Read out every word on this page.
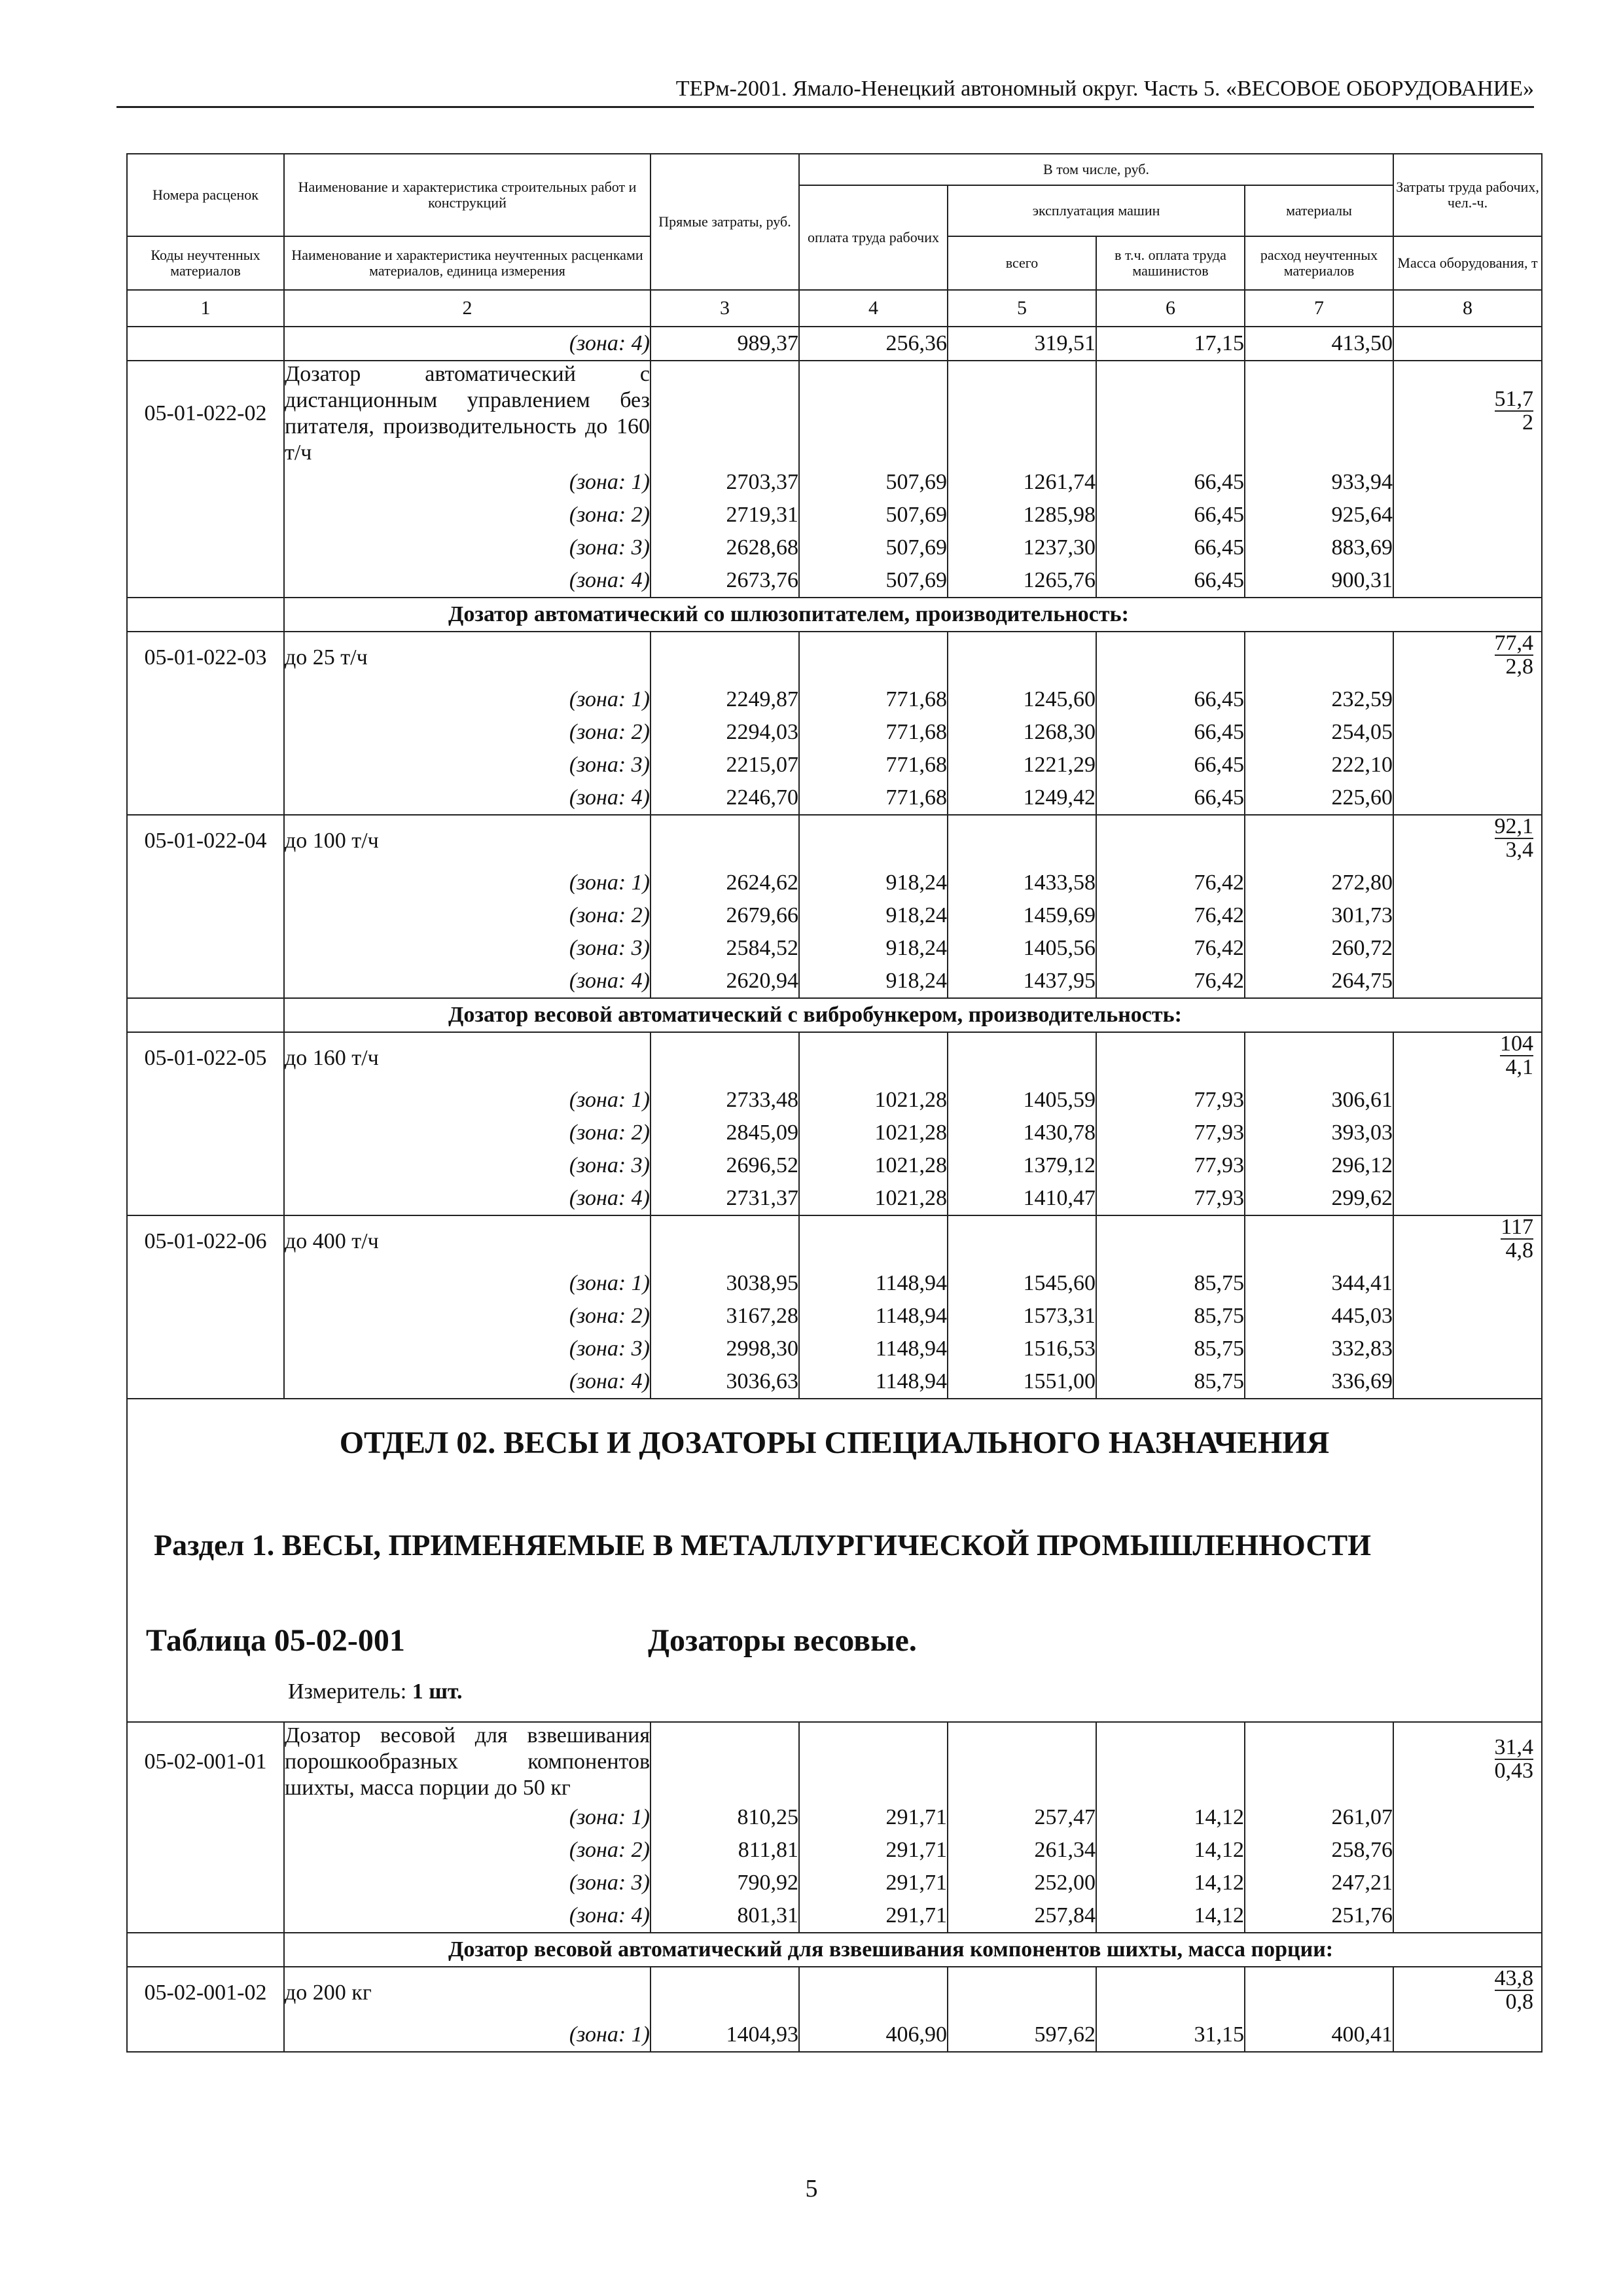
ТЕРм-2001. Ямало-Ненецкий автономный округ. Часть 5. «ВЕСОВОЕ ОБОРУДОВАНИЕ»
Номера расценок	Наименование и характеристика строительных работ и конструкций	Прямые затраты, руб.	В том числе, руб.				Затраты труда рабочих, чел.-ч.
			оплата труда рабочих	эксплуатация машин		материалы	
Коды неучтенных материалов	Наименование и характеристика неучтенных расценками материалов, единица измерения			всего	в т.ч. оплата труда машинистов	расход неучтенных материалов	Масса оборудования, т
1	2	3	4	5	6	7	8
	(зона: 4)	989,37	256,36	319,51	17,15	413,50	
05-01-022-02	Дозатор автоматический с дистанционным управлением без питателя, производительность до 160 т/ч						$\frac{51,7}{2}$

	(зона: 1)	2703,37	507,69	1261,74	66,45	933,94	
	(зона: 2)	2719,31	507,69	1285,98	66,45	925,64	
	(зона: 3)	2628,68	507,69	1237,30	66,45	883,69	
	(зона: 4)	2673,76	507,69	1265,76	66,45	900,31	
	Дозатор автоматический со шлюзопитателем, производительность:						
05-01-022-03	до 25 т/ч						$\frac{77,4}{2,8}$

	(зона: 1)	2249,87	771,68	1245,60	66,45	232,59	
	(зона: 2)	2294,03	771,68	1268,30	66,45	254,05	
	(зона: 3)	2215,07	771,68	1221,29	66,45	222,10	
	(зона: 4)	2246,70	771,68	1249,42	66,45	225,60	
05-01-022-04	до 100 т/ч						$\frac{92,1}{3,4}$

	(зона: 1)	2624,62	918,24	1433,58	76,42	272,80	
	(зона: 2)	2679,66	918,24	1459,69	76,42	301,73	
	(зона: 3)	2584,52	918,24	1405,56	76,42	260,72	
	(зона: 4)	2620,94	918,24	1437,95	76,42	264,75	
	Дозатор весовой автоматический с вибробункером, производительность:						
05-01-022-05	до 160 т/ч						$\frac{104}{4,1}$

	(зона: 1)	2733,48	1021,28	1405,59	77,93	306,61	
	(зона: 2)	2845,09	1021,28	1430,78	77,93	393,03	
	(зона: 3)	2696,52	1021,28	1379,12	77,93	296,12	
	(зона: 4)	2731,37	1021,28	1410,47	77,93	299,62	
05-01-022-06	до 400 т/ч						$\frac{117}{4,8}$

	(зона: 1)	3038,95	1148,94	1545,60	85,75	344,41	
	(зона: 2)	3167,28	1148,94	1573,31	85,75	445,03	
	(зона: 3)	2998,30	1148,94	1516,53	85,75	332,83	
	(зона: 4)	3036,63	1148,94	1551,00	85,75	336,69	

ОТДЕЛ 02. ВЕСЫ И ДОЗАТОРЫ СПЕЦИАЛЬНОГО НАЗНАЧЕНИЯ
Раздел 1. ВЕСЫ, ПРИМЕНЯЕМЫЕ В МЕТАЛЛУРГИЧЕСКОЙ ПРОМЫШЛЕННОСТИ
Таблица 05-02-001 Дозаторы весовые.
Измеритель: 1 шт.							

05-02-001-01	Дозатор весовой для взвешивания порошкообразных компонентов шихты, масса порции до 50 кг						$\frac{31,4}{0,43}$

	(зона: 1)	810,25	291,71	257,47	14,12	261,07	
	(зона: 2)	811,81	291,71	261,34	14,12	258,76	
	(зона: 3)	790,92	291,71	252,00	14,12	247,21	
	(зона: 4)	801,31	291,71	257,84	14,12	251,76	
	Дозатор весовой автоматический для взвешивания компонентов шихты, масса порции:						
05-02-001-02	до 200 кг						$\frac{43,8}{0,8}$

	(зона: 1)	1404,93	406,90	597,62	31,15	400,41	
5
